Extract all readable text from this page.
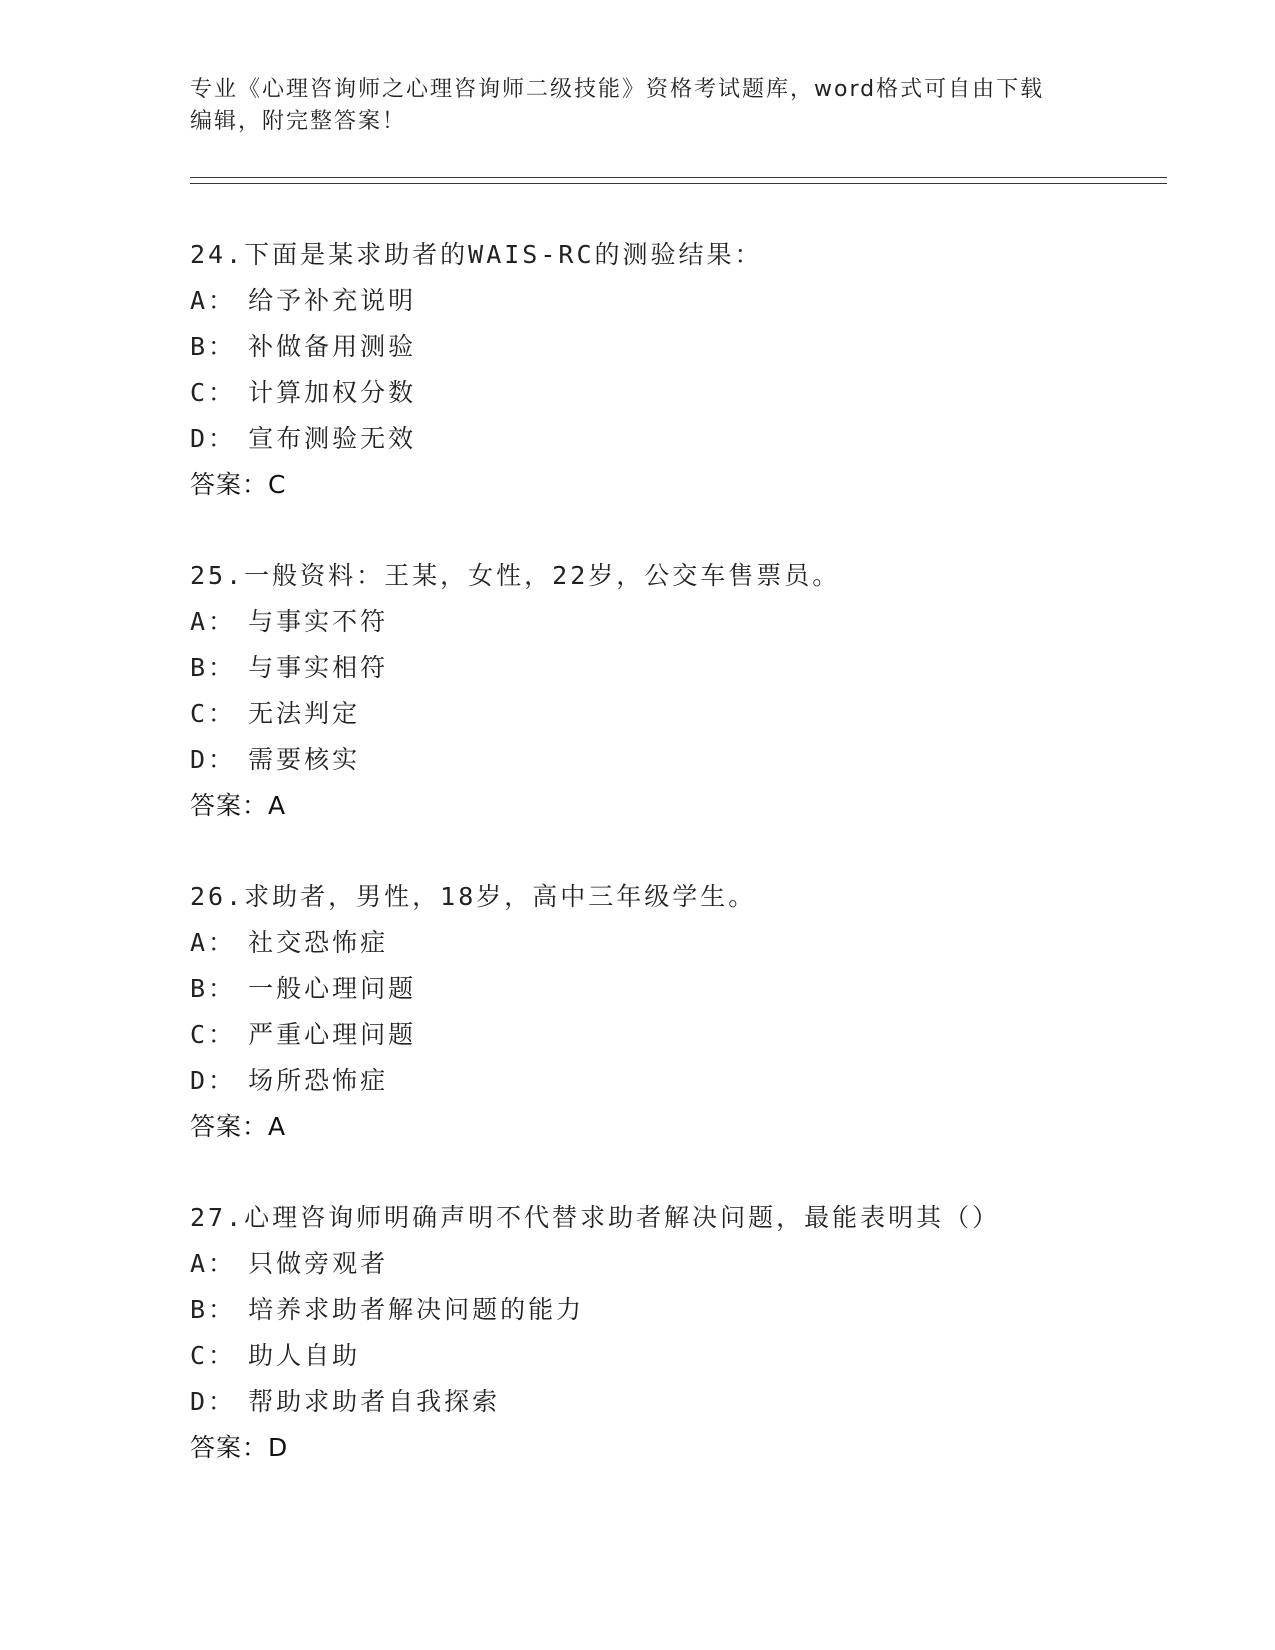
专业《心理咨询师之心理咨询师二级技能》资格考试题库，word格式可自由下载
编辑，附完整答案！
24.下面是某求助者的WAIS-RC的测验结果：
A： 给予补充说明
B： 补做备用测验
C： 计算加权分数
D： 宣布测验无效
答案：C
25.一般资料：王某，女性，22岁，公交车售票员。
A： 与事实不符
B： 与事实相符
C： 无法判定
D： 需要核实
答案：A
26.求助者，男性，18岁，高中三年级学生。
A： 社交恐怖症
B： 一般心理问题
C： 严重心理问题
D： 场所恐怖症
答案：A
27.心理咨询师明确声明不代替求助者解决问题，最能表明其（）
A： 只做旁观者
B： 培养求助者解决问题的能力
C： 助人自助
D： 帮助求助者自我探索
答案：D
